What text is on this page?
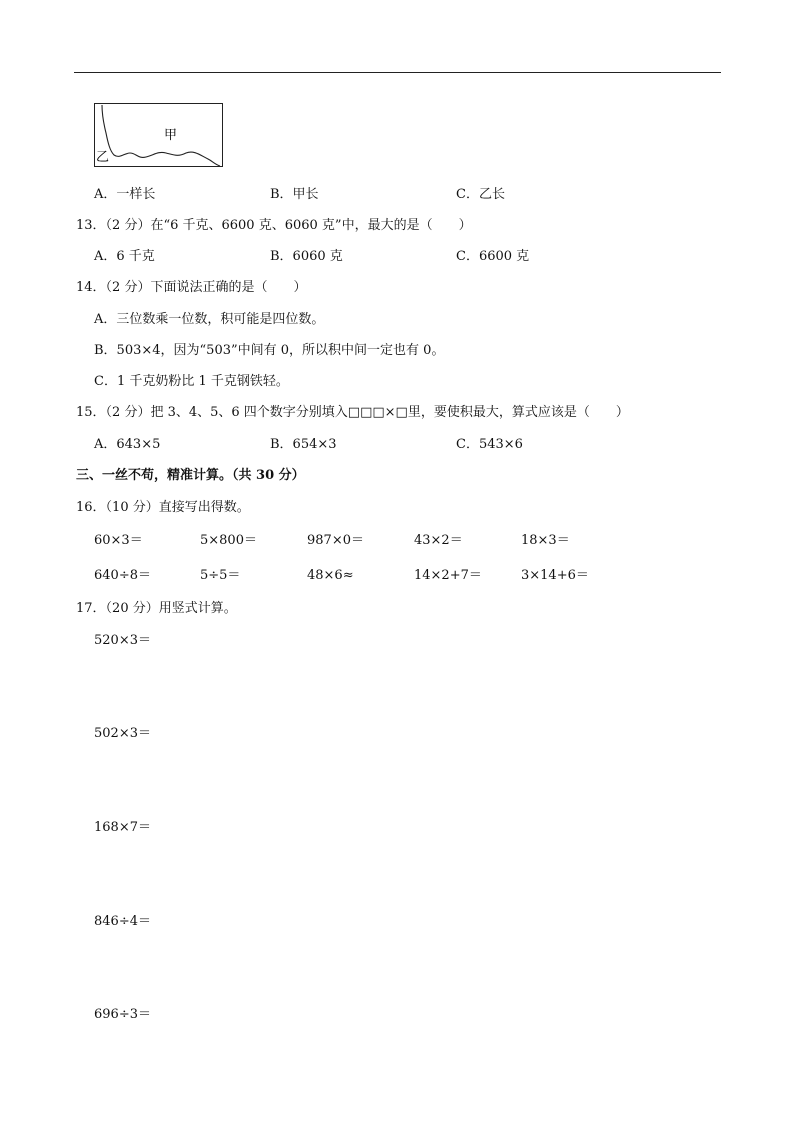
甲
乙
A．一样长	B．甲长	C．乙长
13．（2 分）在“6 千克、6600 克、6060 克”中，最大的是（　　）
A．6 千克	B．6060 克	C．6600 克
14．（2 分）下面说法正确的是（　　）
A．三位数乘一位数，积可能是四位数。
B．503×4，因为“503”中间有 0，所以积中间一定也有 0。
C．1 千克奶粉比 1 千克钢铁轻。
15．（2 分）把 3、4、5、6 四个数字分别填入□□□×□里，要使积最大，算式应该是（　　）
A．643×5	B．654×3	C．543×6
三、一丝不苟，精准计算。（共 30 分）
16．（10 分）直接写出得数。
60×3＝	5×800＝	987×0＝	43×2＝	18×3＝
640÷8＝	5÷5＝	48×6≈	14×2+7＝	3×14+6＝
17．（20 分）用竖式计算。
520×3＝
502×3＝
168×7＝
846÷4＝
696÷3＝
